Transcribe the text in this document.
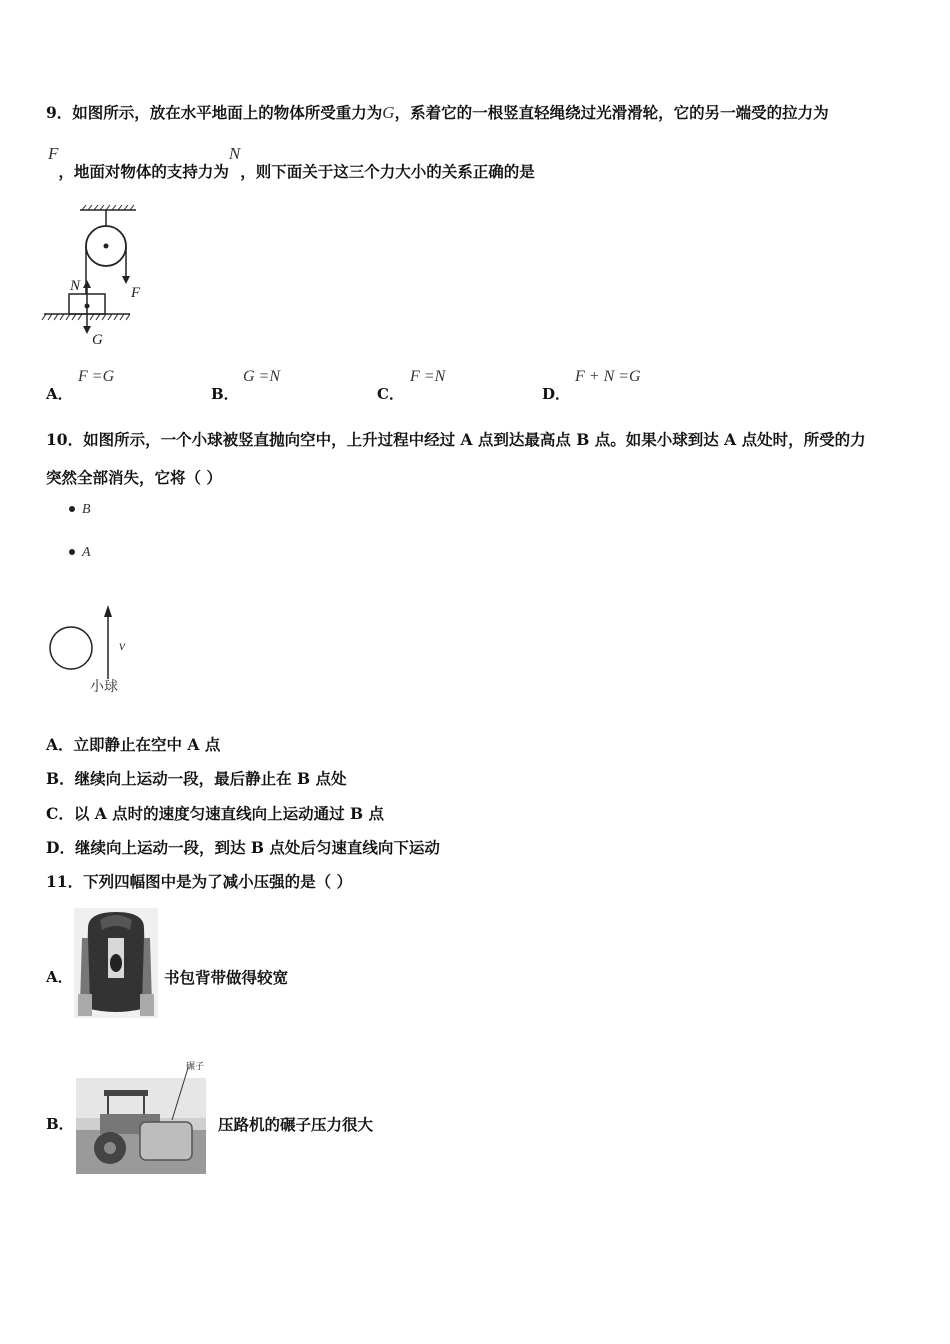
9．如图所示，放在水平地面上的物体所受重力为G，系着它的一根竖直轻绳绕过光滑滑轮，它的另一端受的拉力为
F，地面对物体的支持力为N，则下面关于这三个力大小的关系正确的是
F
N
G
A．
F =G
B．
G =N
C．
F =N
D．
F + N =G
10．如图所示，一个小球被竖直抛向空中，上升过程中经过 A 点到达最高点 B 点。如果小球到达 A 点处时，所受的力
突然全部消失，它将（ ）
B
A
v
小球
A．立即静止在空中 A 点
B．继续向上运动一段，最后静止在 B 点处
C．以 A 点时的速度匀速直线向上运动通过 B 点
D．继续向上运动一段，到达 B 点处后匀速直线向下运动
11．下列四幅图中是为了减小压强的是（ ）
A．	书包背带做得较宽
B．
碾子
压路机的碾子压力很大
